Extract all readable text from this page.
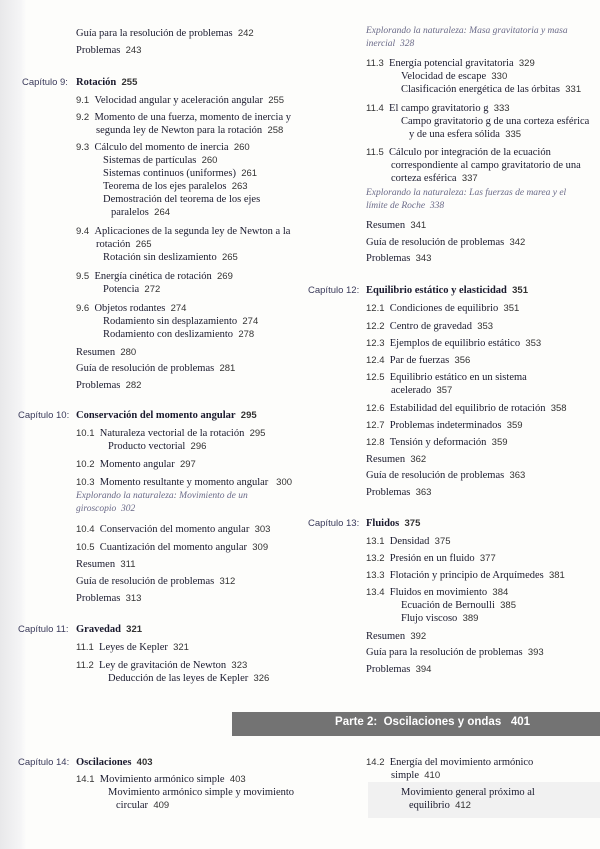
Guía para la resolución de problemas 242
Problemas 243
Capítulo 9: Rotación 255
9.1 Velocidad angular y aceleración angular 255
9.2 Momento de una fuerza, momento de inercia y
segunda ley de Newton para la rotación 258
9.3 Cálculo del momento de inercia 260
Sistemas de partículas 260
Sistemas continuos (uniformes) 261
Teorema de los ejes paralelos 263
Demostración del teorema de los ejes
paralelos 264
9.4 Aplicaciones de la segunda ley de Newton a la
rotación 265
Rotación sin deslizamiento 265
9.5 Energía cinética de rotación 269
Potencia 272
9.6 Objetos rodantes 274
Rodamiento sin desplazamiento 274
Rodamiento con deslizamiento 278
Resumen 280
Guía de resolución de problemas 281
Problemas 282
Capítulo 10: Conservación del momento angular 295
10.1 Naturaleza vectorial de la rotación 295
Producto vectorial 296
10.2 Momento angular 297
10.3 Momento resultante y momento angular 300
Explorando la naturaleza: Movimiento de un
giroscopio 302
10.4 Conservación del momento angular 303
10.5 Cuantización del momento angular 309
Resumen 311
Guía de resolución de problemas 312
Problemas 313
Capítulo 11: Gravedad 321
11.1 Leyes de Kepler 321
11.2 Ley de gravitación de Newton 323
Deducción de las leyes de Kepler 326
Explorando la naturaleza: Masa gravitatoria y masa
inercial 328
11.3 Energía potencial gravitatoria 329
Velocidad de escape 330
Clasificación energética de las órbitas 331
11.4 El campo gravitatorio g 333
Campo gravitatorio g de una corteza esférica
y de una esfera sólida 335
11.5 Cálculo por integración de la ecuación
correspondiente al campo gravitatorio de una
corteza esférica 337
Explorando la naturaleza: Las fuerzas de marea y el
límite de Roche 338
Resumen 341
Guía de resolución de problemas 342
Problemas 343
Capítulo 12: Equilibrio estático y elasticidad 351
12.1 Condiciones de equilibrio 351
12.2 Centro de gravedad 353
12.3 Ejemplos de equilibrio estático 353
12.4 Par de fuerzas 356
12.5 Equilibrio estático en un sistema
acelerado 357
12.6 Estabilidad del equilibrio de rotación 358
12.7 Problemas indeterminados 359
12.8 Tensión y deformación 359
Resumen 362
Guía de resolución de problemas 363
Problemas 363
Capítulo 13: Fluidos 375
13.1 Densidad 375
13.2 Presión en un fluido 377
13.3 Flotación y principio de Arquímedes 381
13.4 Fluidos en movimiento 384
Ecuación de Bernoulli 385
Flujo viscoso 389
Resumen 392
Guía para la resolución de problemas 393
Problemas 394
Parte 2: Oscilaciones y ondas 401
Capítulo 14: Oscilaciones 403
14.1 Movimiento armónico simple 403
Movimiento armónico simple y movimiento
circular 409
14.2 Energía del movimiento armónico
simple 410
Movimiento general próximo al
equilibrio 412
